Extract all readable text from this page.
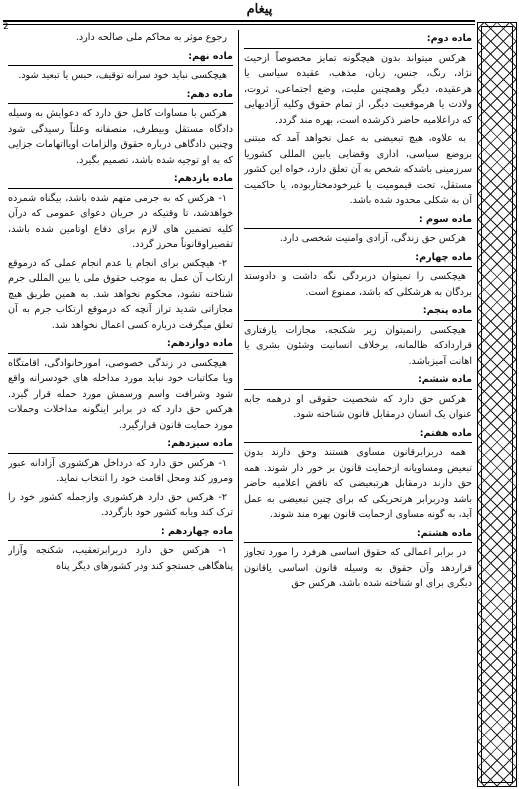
پیغام
2
ماده دوم:

هرکس میتواند بدون هیچگونه تمایز مخصوصاً ازحیث نژاد، رنگ، جنس، زبان، مذهب، عقیده سیاسی یا هرعقیده، دیگر وهمچنین ملیت، وضع اجتماعی، ثروت، ولادت یا هرموقعیت دیگر، از تمام حقوق وکلیه آزادیهایی که دراعلامیه حاضر ذکرشده است، بهره مند گردد.

به علاوه، هیچ تبعیضی به عمل نخواهد آمد که مبتنی بروضع سیاسی، اداری وقضایی یابین المللی کشوریا سرزمینی باشدکه شخص به آن تعلق دارد، خواه این کشور مستقل، تحت قیمومیت یا غیرخودمختاربوده، یا حاکمیت آن به شکلی محدود شده باشد.

ماده سوم :

هرکس حق زندگی، آزادی وامنیت شخصی دارد.

ماده چهارم:

هیچکسی را نمیتوان دربردگی نگه داشت و دادوستد بردگان به هرشکلی که باشد، ممنوع است.

ماده پنجم:

هیچکسی رانمیتوان زیر شکنجه، مجازات یارفتاری قراردادکه ظالمانه، برخلاف انسانیت وشئون بشری یا اهانت آمیزباشد.

ماده ششم:

هرکس حق دارد که شخصیت حقوقی او درهمه جابه عنوان یک انسان درمقابل قانون شناخته شود.

ماده هفتم:

همه دربرابرقانون مساوی هستند وحق دارند بدون تبعیض ومساویانه ازحمایت قانون بر خور دار شوند. همه حق دارند درمقابل هرتبعیضی که ناقض اعلامیه حاضر باشد ودربرابر هرتحریکی که برای چنین تبعیضی به عمل آید، به گونه مساوی ازحمایت قانون بهره مند شوند.

ماده هشتم:

در برابر اعمالی که حقوق اساسی هرفرد را مورد تجاوز قراردهد وآن حقوق به وسیله قانون اساسی یاقانون دیگری برای او شناخته شده باشد، هرکس حق

رجوع موثر به محاکم ملی صالحه دارد.

ماده نهم:

هیچکسی نباید خود سرانه توقیف، حبس یا تبعید شود.

ماده دهم:

هرکس با مساوات کامل حق دارد که دعوایش به وسیله دادگاه مستقل وبیطرف، منصفانه وعلناً رسیدگی شود وچنین دادگاهی درباره حقوق والزامات اویااتهامات جزایی که به او توجیه شده باشد، تصمیم بگیرد.

ماده یازدهم:

۱- هرکس که به جرمی متهم شده باشد، بیگناه شمرده خواهدشد، تا وقتیکه در جریان دعوای عمومی که درآن کلیه تضمین های لازم برای دفاع اوتامین شده باشد، تقصیراوقانوناً محرز گردد.

۲- هیچکس برای انجام یا عدم انجام عملی که درموقع ارتکاب آن عمل به موجب حقوق ملی یا بین المللی جرم شناخته نشود، محکوم نخواهد شد. به همین طریق هیچ مجازاتی شدید تراز آنچه که درموقع ارتکاب جرم به آن تعلق میگرفت درباره کسی اعمال نخواهد شد.

ماده دوازدهم:

هیچکسی در زندگی خصوصی، امورخانوادگی، اقامتگاه ویا مکاتبات خود نباید مورد مداخله های خودسرانه واقع شود وشرافت واسم ورسمش مورد حمله قرار گیرد. هرکس حق دارد که در برابر اینگونه مداخلات وحملات مورد حمایت قانون قرارگیرد.

ماده سیزدهم:

۱- هرکس حق دارد که درداخل هرکشوری آزادانه عبور ومرور کند ومحل اقامت خود را انتخاب نماید.

۲- هرکس حق دارد هرکشوری وازجمله کشور خود را ترک کند ویابه کشور خود بازگردد.

ماده چهاردهم :

۱- هرکس حق دارد دربرابرتعقیب، شکنجه وآزار پناهگاهی جستجو کند ودر کشورهای دیگر پناه
